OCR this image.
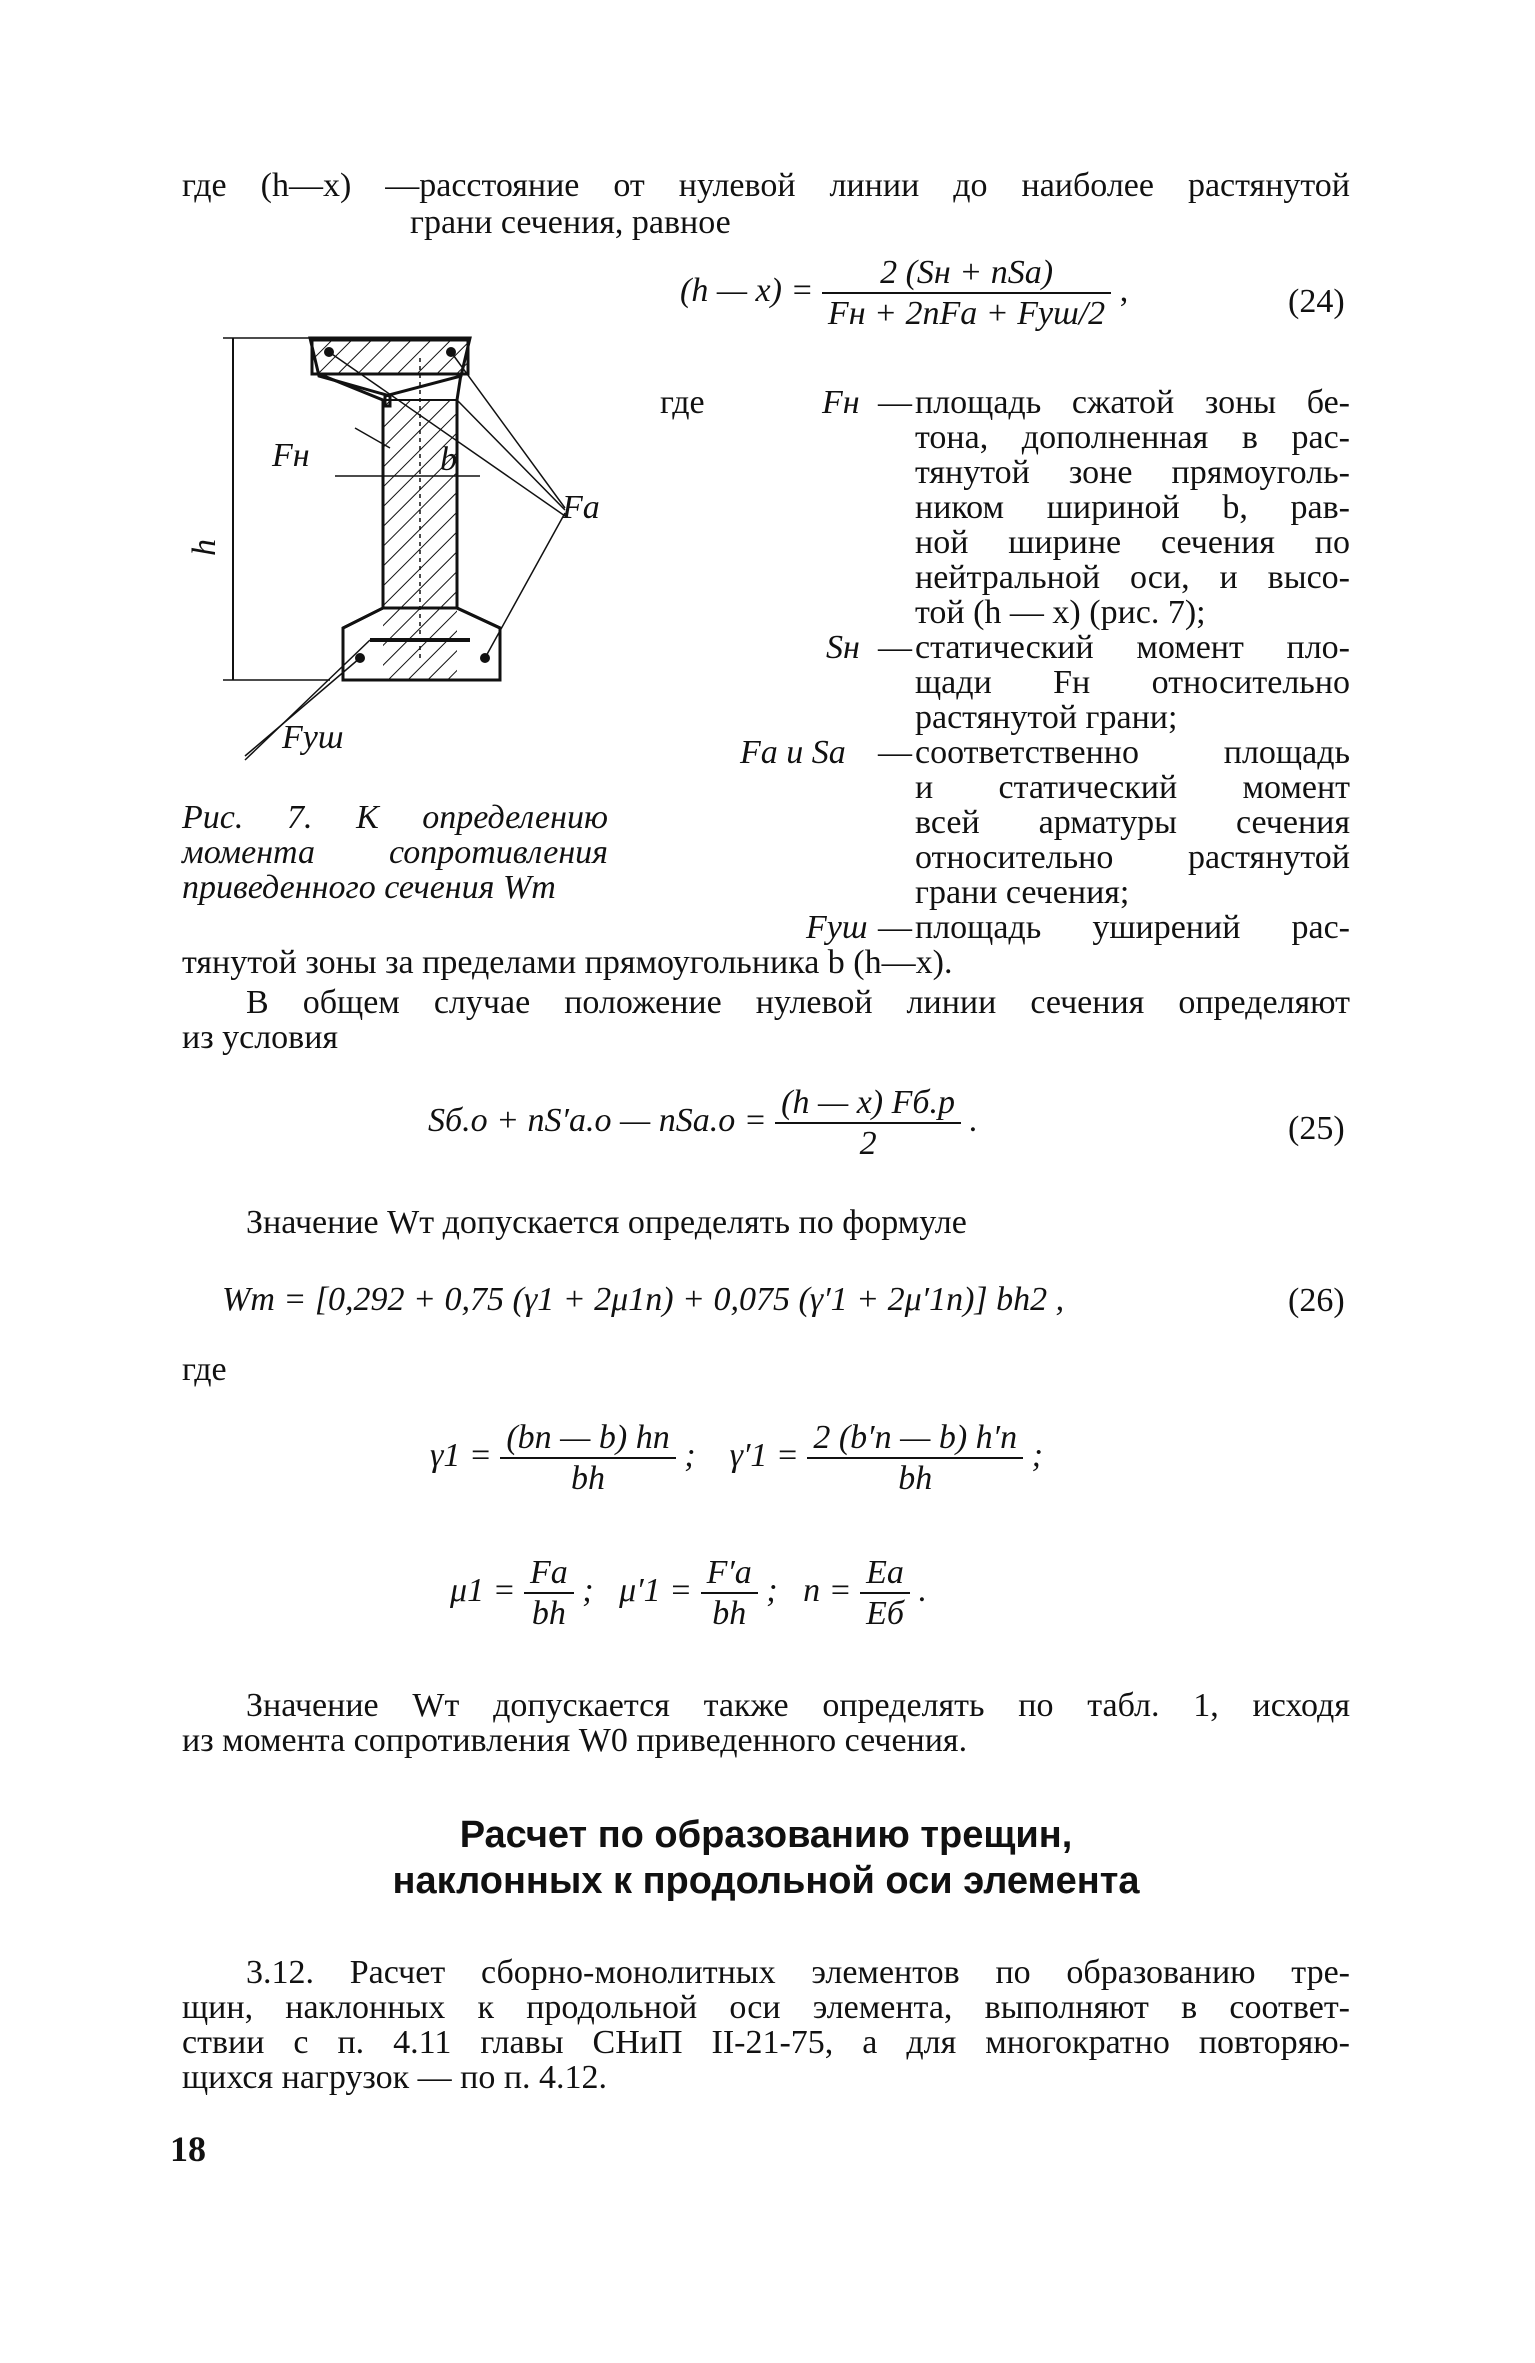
где (h—x) —расстояние от нулевой линии до наиболее растянутой
грани сечения, равное
(h — $x) = \frac{\text{2 (Sн + nSа)}}{\text{Fн + 2nFа + Fуш/2}}$ ,	(24)
Fн	b
Fa
h
Fуш
Рис. 7. К определению
момента сопротивления
приведенного сечения Wт
где	Fн — площадь сжатой зоны бе-
тона, дополненная в рас-
тянутой зоне прямоуголь-
ником шириной b, рав-
ной ширине сечения по
нейтральной оси, и высо-
той (h — x) (рис. 7);
Sн — статический момент пло-
щади Fн относительно
растянутой грани;
Fа и Sа — соответственно площадь
и статический момент
всей арматуры сечения
относительно растянутой
грани сечения;
Fуш — площадь уширений рас-
тянутой зоны за пределами прямоугольника b (h—x).
В общем случае положение нулевой линии сечения определяют
из условия
Sб.о + nS′а.о — $nSа.о = \frac{(h — x) Fб.р}{2}$ .	(25)
Значение Wт допускается определять по формуле
Wт = [0,292 + 0,75 (γ1 + 2μ1n) + 0,075 (γ′1 + 2μ′1n)] bh2 ,	(26)
где
$\gamma 1 = \frac{(bп — b) hп}{bh}$ ; $\gamma'1 = \frac{2 (b'п — b) h'п}{bh}$ ;
$\mu 1 = \frac{Fа}{bh}$ ; $\mu'1 = \frac{F'а}{bh}$ ; $n = \frac{Eа}{Eб}$ .
Значение Wт допускается также определять по табл. 1, исходя
из момента сопротивления W0 приведенного сечения.
Расчет по образованию трещин,
наклонных к продольной оси элемента
3.12. Расчет сборно-монолитных элементов по образованию тре-
щин, наклонных к продольной оси элемента, выполняют в соответ-
ствии с п. 4.11 главы СНиП II-21-75, а для многократно повторяю-
щихся нагрузок — по п. 4.12.
18
